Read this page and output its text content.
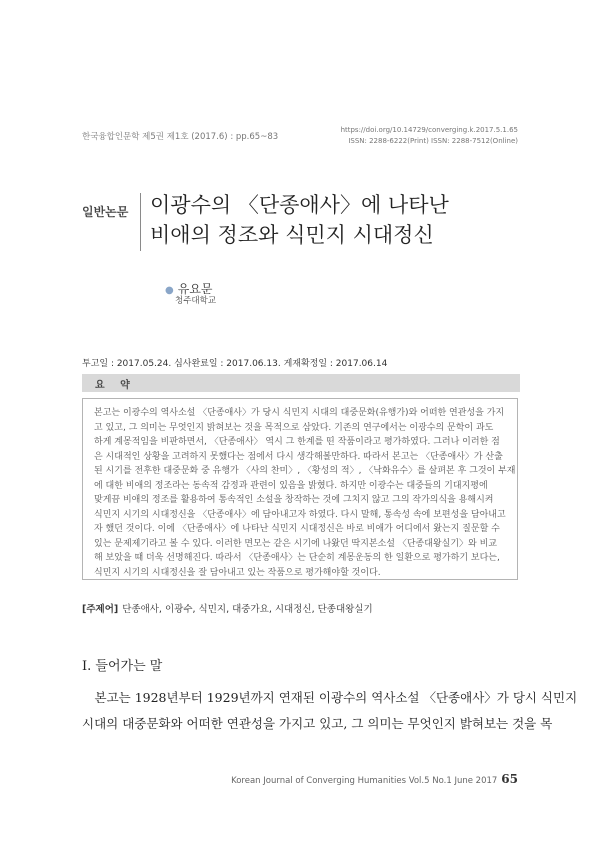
한국융합인문학 제5권 제1호 (2017.6) : pp.65~83
https://doi.org/10.14729/converging.k.2017.5.1.65
ISSN: 2288-6222(Print) ISSN: 2288-7512(Online)
일반논문 이광수의 〈단종애사〉에 나타난
비애의 정조와 식민지 시대정신
● 유요문
청주대학교
투고일 : 2017.05.24. 심사완료일 : 2017.06.13. 게재확정일 : 2017.06.14
요 약
본고는 이광수의 역사소설 〈단종애사〉가 당시 식민지 시대의 대중문화(유행가)와 어떠한 연관성을 가지
고 있고, 그 의미는 무엇인지 밝혀보는 것을 목적으로 삼았다. 기존의 연구에서는 이광수의 문학이 과도
하게 계몽적임을 비판하면서, 〈단종애사〉 역시 그 한계를 띤 작품이라고 평가하였다. 그러나 이러한 점
은 시대적인 상황을 고려하지 못했다는 점에서 다시 생각해볼만하다. 따라서 본고는 〈단종애사〉가 산출
된 시기를 전후한 대중문화 중 유행가 〈사의 찬미〉, 〈황성의 적〉, 〈낙화유수〉를 살펴본 후 그것이 부재
에 대한 비애의 정조라는 동속적 감정과 관련이 있음을 밝혔다. 하지만 이광수는 대중들의 기대지평에
맞게끔 비애의 정조를 활용하여 통속적인 소설을 창작하는 것에 그치지 않고 그의 작가의식을 용해시켜
식민지 시기의 시대정신을 〈단종애사〉에 담아내고자 하였다. 다시 말해, 통속성 속에 보편성을 담아내고
자 했던 것이다. 이에 〈단종애사〉에 나타난 식민지 시대정신은 바로 비애가 어디에서 왔는지 질문할 수
있는 문제제기라고 볼 수 있다. 이러한 면모는 같은 시기에 나왔던 딱지본소설 〈단종대왕실기〉와 비교
해 보았을 때 더욱 선명해진다. 따라서 〈단종애사〉는 단순히 계몽운동의 한 일환으로 평가하기 보다는,
식민지 시기의 시대정신을 잘 담아내고 있는 작품으로 평가해야할 것이다.
[주제어] 단종애사, 이광수, 식민지, 대중가요, 시대정신, 단종대왕실기
Ⅰ. 들어가는 말
　본고는 1928년부터 1929년까지 연재된 이광수의 역사소설 〈단종애사〉가 당시 식민지
시대의 대중문화와 어떠한 연관성을 가지고 있고, 그 의미는 무엇인지 밝혀보는 것을 목
Korean Journal of Converging Humanities Vol.5 No.1 June 2017 65
